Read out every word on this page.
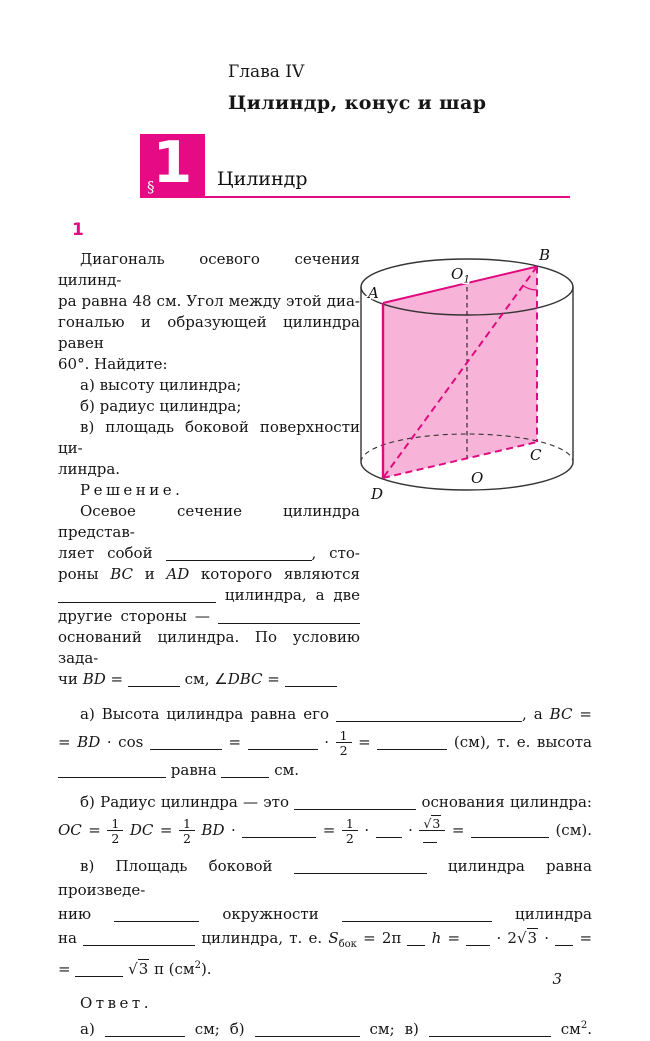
Глава IV
Цилиндр, конус и шар
1
§	Цилиндр
1
A
B
C
D
O
$O_1$
Диагональ осевого сечения цилинд-
ра равна 48 см. Угол между этой диа-
гональю и образующей цилиндра равен
60°. Найдите:
а) высоту цилиндра;
б) радиус цилиндра;
в) площадь боковой поверхности ци-
линдра.
Решение.
Осевое сечение цилиндра представ-
ляет собой	, сто-
роны BC и AD которого являются
цилиндра, а две
другие стороны —
оснований цилиндра. По условию зада-
чи BD =	см, ∠DBC =
а) Высота цилиндра равна его	, а BC =
= BD · cos	=	· $\frac{1}{2}$ =	(см), т. е. высота
равна	см.
б) Радиус цилиндра — это	основания цилиндра:
OC = $\frac{1}{2}$ DC = $\frac{1}{2}$ BD ·	= $\frac{1}{2}$ ·  · √3 =	(см).
в) Площадь боковой	цилиндра равна произведе-
нию	окружности	цилиндра
на	цилиндра, т. е. $S_{бок} = 2\pi$  h =  · 2√3 ·  =
=	√3 π $(см^2)$.
Ответ.
а)	см; б)	см; в)	$см^2$.
3
